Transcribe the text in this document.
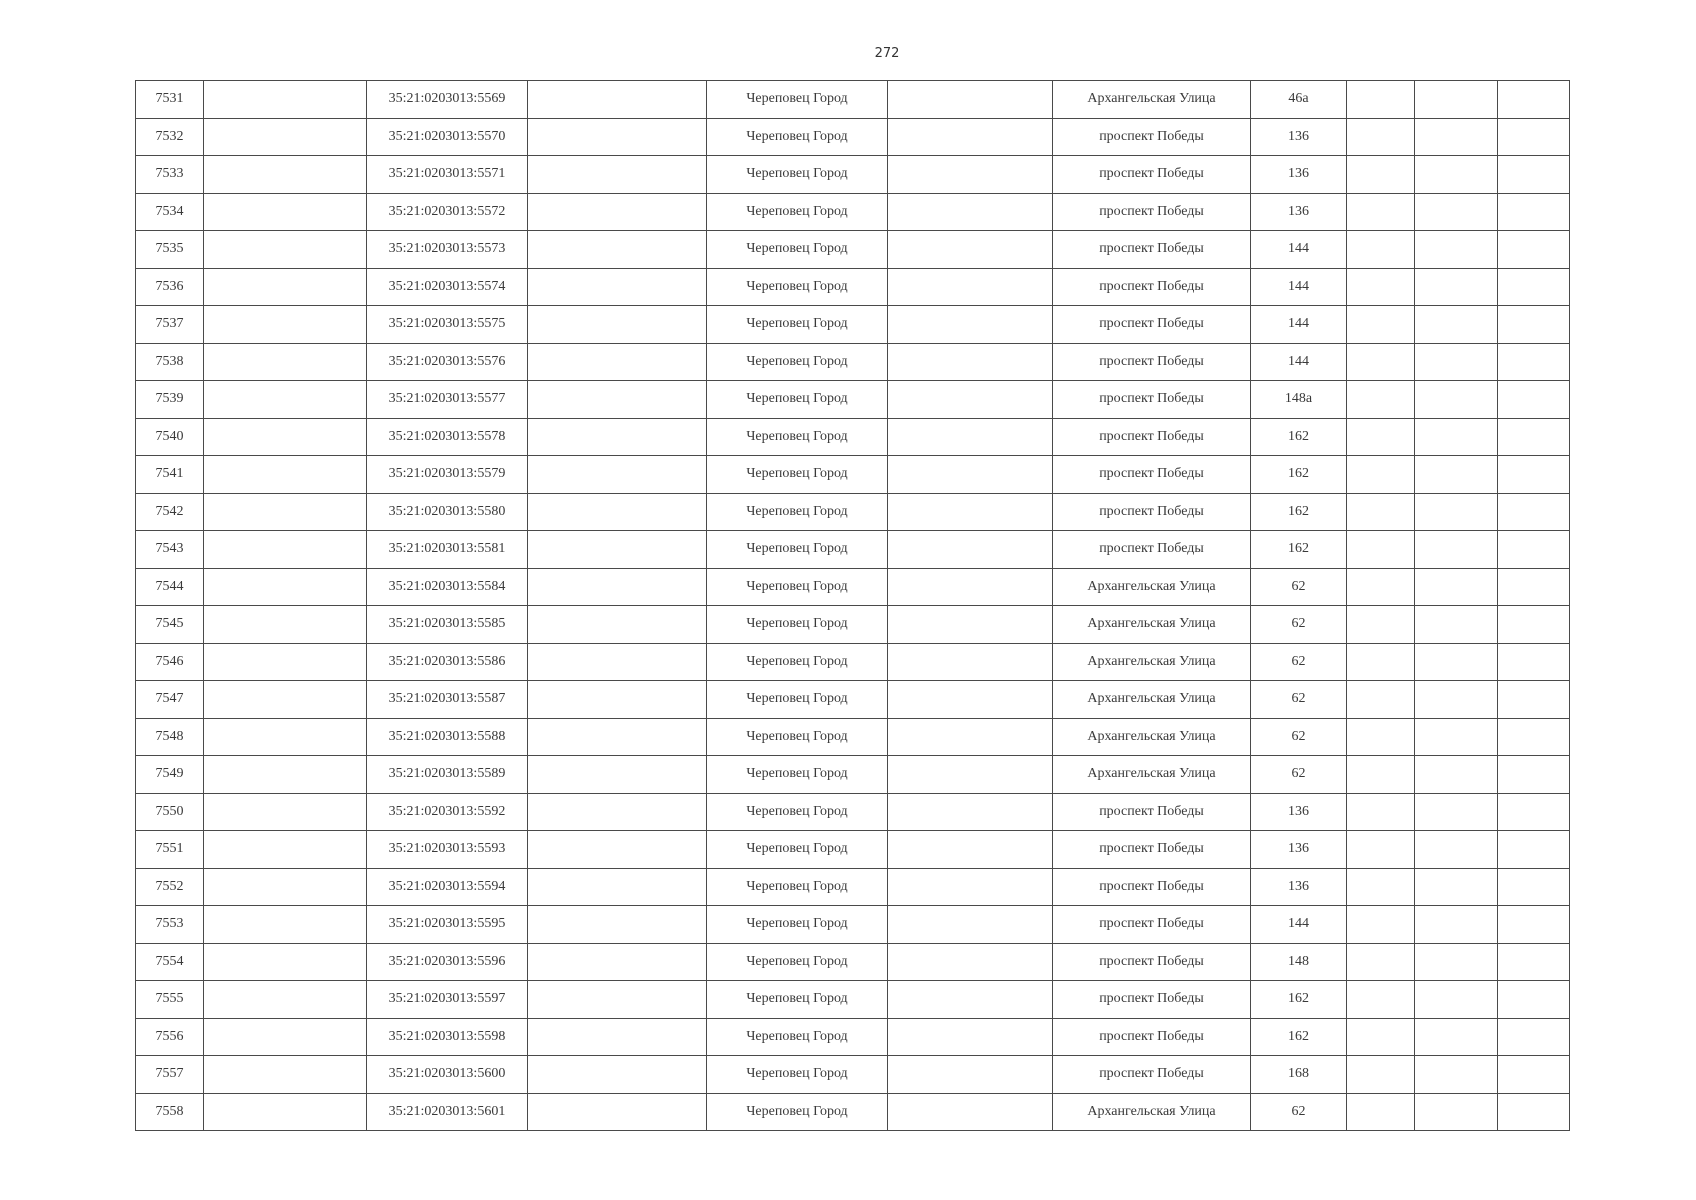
272
7531		35:21:0203013:5569		Череповец Город		Архангельская Улица	46а			
7532		35:21:0203013:5570		Череповец Город		проспект Победы	136			
7533		35:21:0203013:5571		Череповец Город		проспект Победы	136			
7534		35:21:0203013:5572		Череповец Город		проспект Победы	136			
7535		35:21:0203013:5573		Череповец Город		проспект Победы	144			
7536		35:21:0203013:5574		Череповец Город		проспект Победы	144			
7537		35:21:0203013:5575		Череповец Город		проспект Победы	144			
7538		35:21:0203013:5576		Череповец Город		проспект Победы	144			
7539		35:21:0203013:5577		Череповец Город		проспект Победы	148а			
7540		35:21:0203013:5578		Череповец Город		проспект Победы	162			
7541		35:21:0203013:5579		Череповец Город		проспект Победы	162			
7542		35:21:0203013:5580		Череповец Город		проспект Победы	162			
7543		35:21:0203013:5581		Череповец Город		проспект Победы	162			
7544		35:21:0203013:5584		Череповец Город		Архангельская Улица	62			
7545		35:21:0203013:5585		Череповец Город		Архангельская Улица	62			
7546		35:21:0203013:5586		Череповец Город		Архангельская Улица	62			
7547		35:21:0203013:5587		Череповец Город		Архангельская Улица	62			
7548		35:21:0203013:5588		Череповец Город		Архангельская Улица	62			
7549		35:21:0203013:5589		Череповец Город		Архангельская Улица	62			
7550		35:21:0203013:5592		Череповец Город		проспект Победы	136			
7551		35:21:0203013:5593		Череповец Город		проспект Победы	136			
7552		35:21:0203013:5594		Череповец Город		проспект Победы	136			
7553		35:21:0203013:5595		Череповец Город		проспект Победы	144			
7554		35:21:0203013:5596		Череповец Город		проспект Победы	148			
7555		35:21:0203013:5597		Череповец Город		проспект Победы	162			
7556		35:21:0203013:5598		Череповец Город		проспект Победы	162			
7557		35:21:0203013:5600		Череповец Город		проспект Победы	168			
7558		35:21:0203013:5601		Череповец Город		Архангельская Улица	62			
